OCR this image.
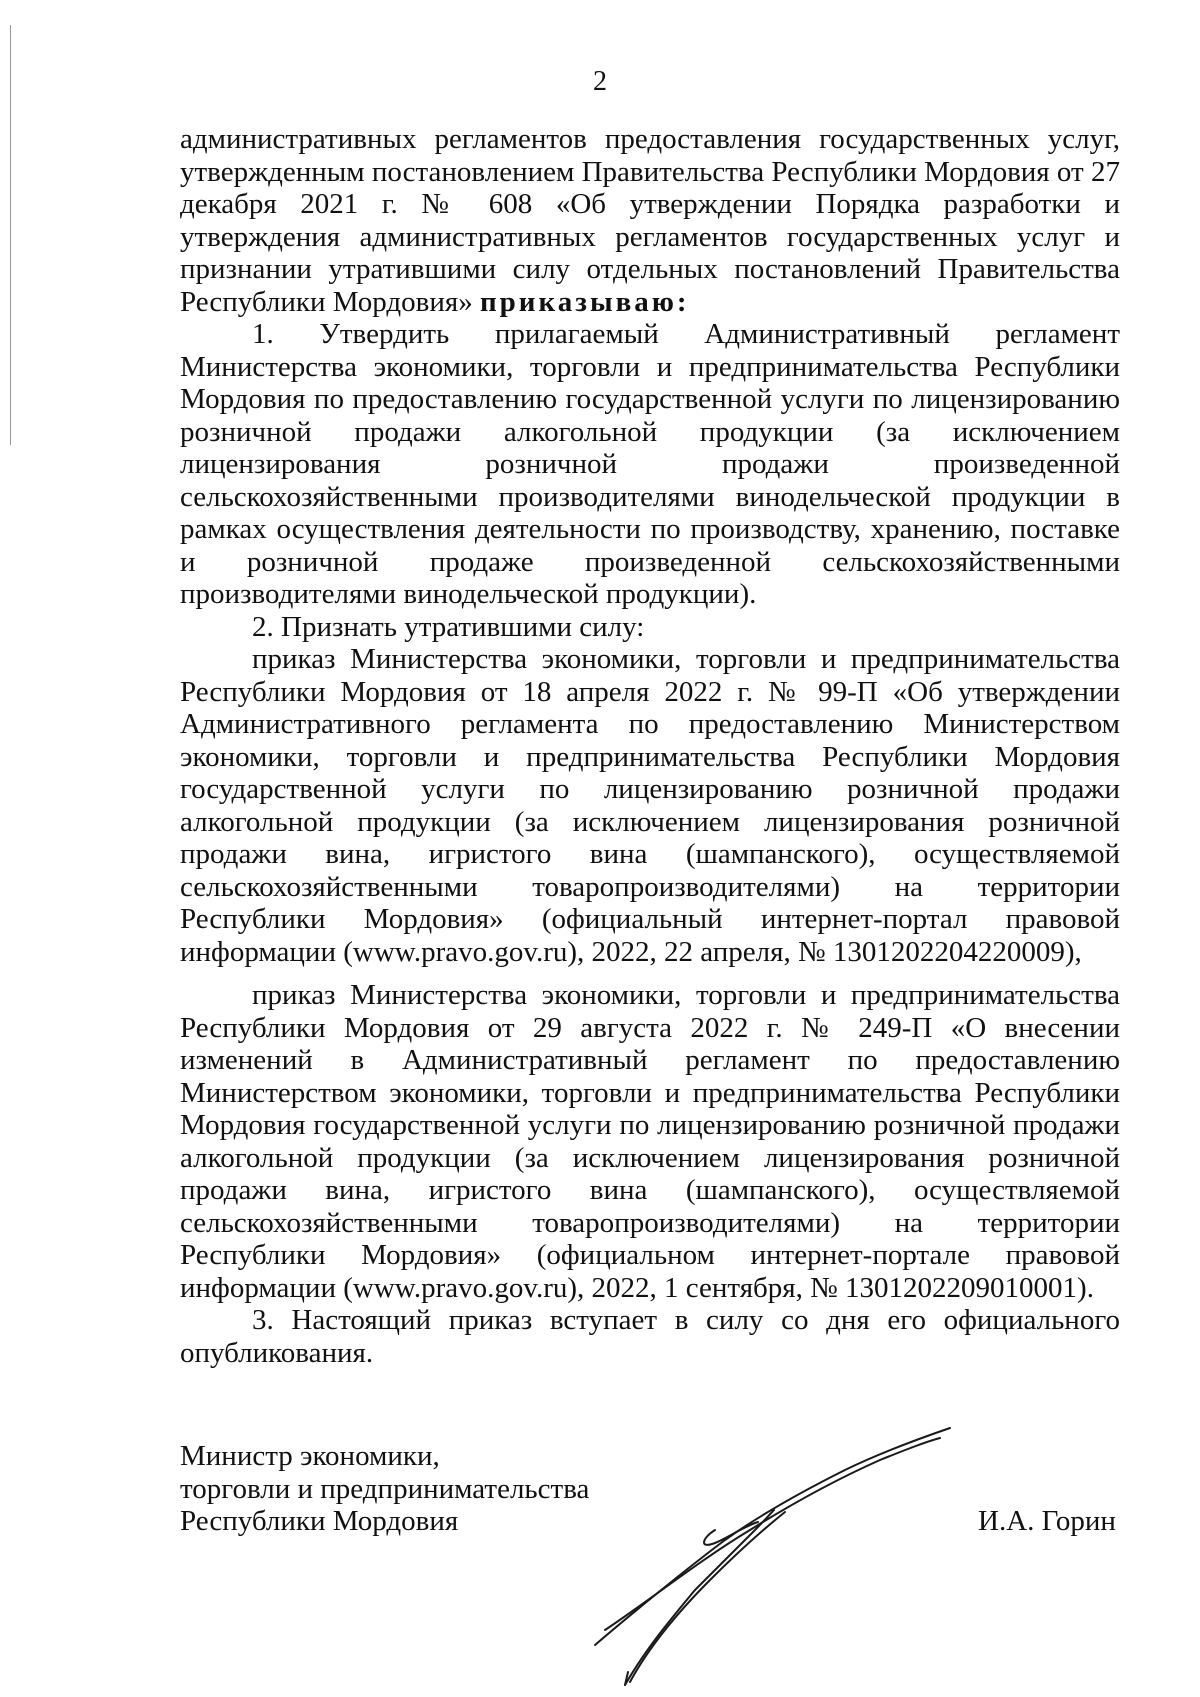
2

административных регламентов предоставления государственных услуг, утвержденным постановлением Правительства Республики Мордовия от 27 декабря 2021 г. № 608 «Об утверждении Порядка разработки и утверждения административных регламентов государственных услуг и признании утратившими силу отдельных постановлений Правительства Республики Мордовия» приказываю:

1. Утвердить прилагаемый Административный регламент Министерства экономики, торговли и предпринимательства Республики Мордовия по предоставлению государственной услуги по лицензированию розничной продажи алкогольной продукции (за исключением лицензирования розничной продажи произведенной сельскохозяйственными производителями винодельческой продукции в рамках осуществления деятельности по производству, хранению, поставке и розничной продаже произведенной сельскохозяйственными производителями винодельческой продукции).

2. Признать утратившими силу:

приказ Министерства экономики, торговли и предпринимательства Республики Мордовия от 18 апреля 2022 г. № 99-П «Об утверждении Административного регламента по предоставлению Министерством экономики, торговли и предпринимательства Республики Мордовия государственной услуги по лицензированию розничной продажи алкогольной продукции (за исключением лицензирования розничной продажи вина, игристого вина (шампанского), осуществляемой сельскохозяйственными товаропроизводителями) на территории Республики Мордовия» (официальный интернет-портал правовой информации (www.pravo.gov.ru), 2022, 22 апреля, № 1301202204220009),

приказ Министерства экономики, торговли и предпринимательства Республики Мордовия от 29 августа 2022 г. № 249-П «О внесении изменений в Административный регламент по предоставлению Министерством экономики, торговли и предпринимательства Республики Мордовия государственной услуги по лицензированию розничной продажи алкогольной продукции (за исключением лицензирования розничной продажи вина, игристого вина (шампанского), осуществляемой сельскохозяйственными товаропроизводителями) на территории Республики Мордовия» (официальном интернет-портале правовой информации (www.pravo.gov.ru), 2022, 1 сентября, № 1301202209010001).

3. Настоящий приказ вступает в силу со дня его официального опубликования.

Министр экономики,
торговли и предпринимательства
Республики Мордовия	И.А. Горин
